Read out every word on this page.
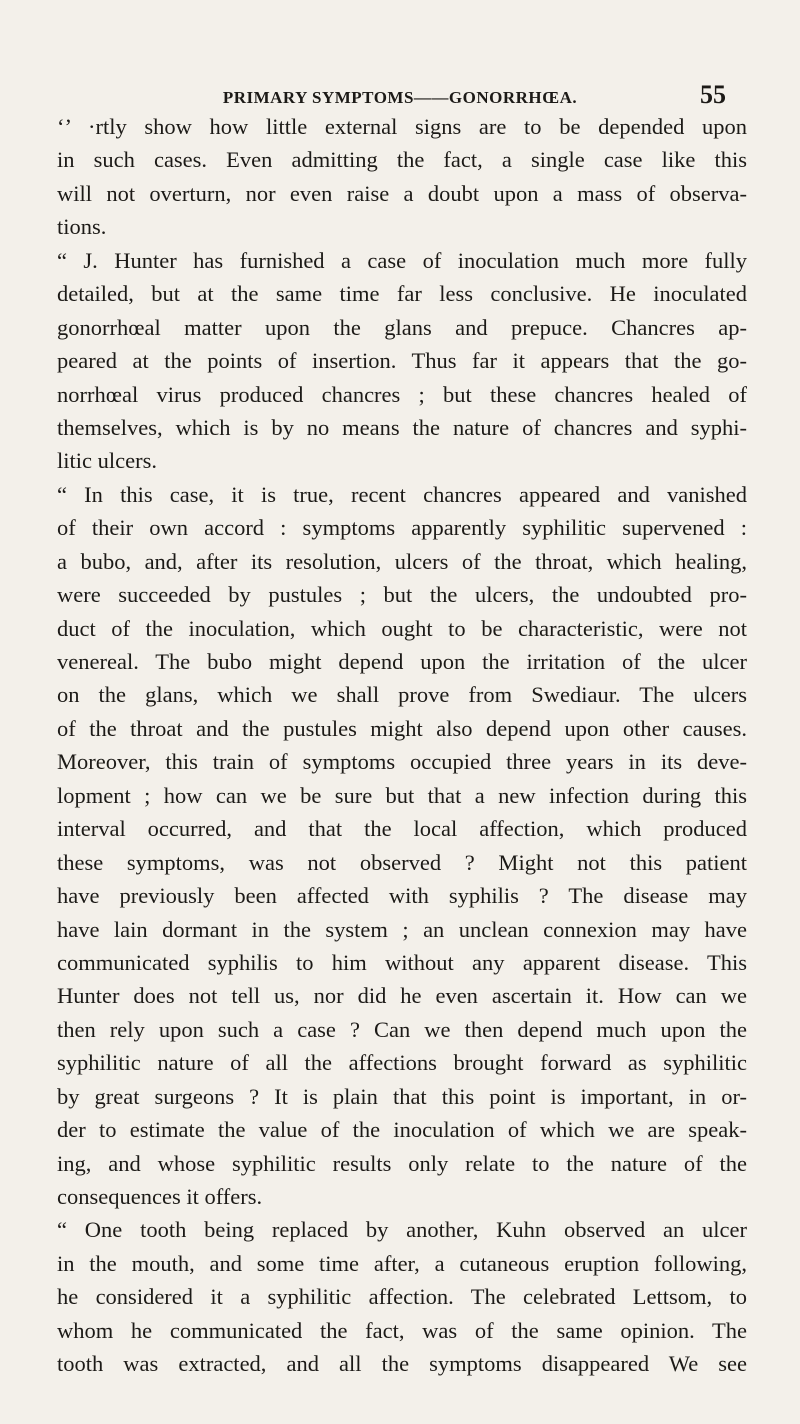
PRIMARY SYMPTOMS——GONORRHŒA.	55
‘’ ·rtly show how little external signs are to be depended upon
in such cases. Even admitting the fact, a single case like this
will not overturn, nor even raise a doubt upon a mass of observa-
tions.
“ J. Hunter has furnished a case of inoculation much more fully
detailed, but at the same time far less conclusive. He inoculated
gonorrhœal matter upon the glans and prepuce. Chancres ap-
peared at the points of insertion. Thus far it appears that the go-
norrhœal virus produced chancres ; but these chancres healed of
themselves, which is by no means the nature of chancres and syphi-
litic ulcers.
“ In this case, it is true, recent chancres appeared and vanished
of their own accord : symptoms apparently syphilitic supervened :
a bubo, and, after its resolution, ulcers of the throat, which healing,
were succeeded by pustules ; but the ulcers, the undoubted pro-
duct of the inoculation, which ought to be characteristic, were not
venereal. The bubo might depend upon the irritation of the ulcer
on the glans, which we shall prove from Swediaur. The ulcers
of the throat and the pustules might also depend upon other causes.
Moreover, this train of symptoms occupied three years in its deve-
lopment ; how can we be sure but that a new infection during this
interval occurred, and that the local affection, which produced
these symptoms, was not observed ? Might not this patient
have previously been affected with syphilis ? The disease may
have lain dormant in the system ; an unclean connexion may have
communicated syphilis to him without any apparent disease. This
Hunter does not tell us, nor did he even ascertain it. How can we
then rely upon such a case ? Can we then depend much upon the
syphilitic nature of all the affections brought forward as syphilitic
by great surgeons ? It is plain that this point is important, in or-
der to estimate the value of the inoculation of which we are speak-
ing, and whose syphilitic results only relate to the nature of the
consequences it offers.
“ One tooth being replaced by another, Kuhn observed an ulcer
in the mouth, and some time after, a cutaneous eruption following,
he considered it a syphilitic affection. The celebrated Lettsom, to
whom he communicated the fact, was of the same opinion. The
tooth was extracted, and all the symptoms disappeared We see
